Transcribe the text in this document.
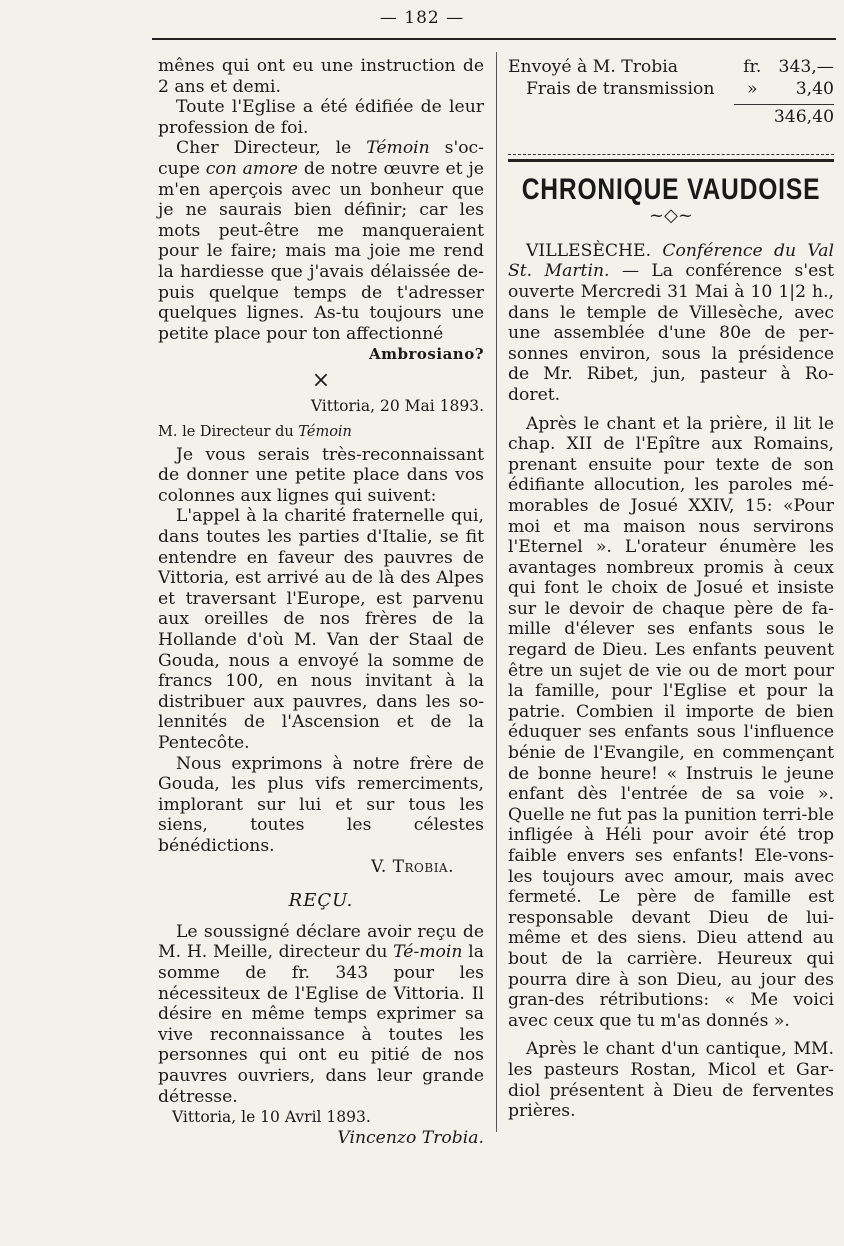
— 182 —

mênes qui ont eu une instruction de 2 ans et demi.

Toute l'Eglise a été édifiée de leur profession de foi.

Cher Directeur, le Témoin s'oc-cupe con amore de notre œuvre et je m'en aperçois avec un bonheur que je ne saurais bien définir; car les mots peut-être me manqueraient pour le faire; mais ma joie me rend la hardiesse que j'avais délaissée de-puis quelque temps de t'adresser quelques lignes. As-tu toujours une petite place pour ton affectionné

Ambrosiano?
×
Vittoria, 20 Mai 1893.
M. le Directeur du Témoin

Je vous serais très-reconnaissant de donner une petite place dans vos colonnes aux lignes qui suivent:

L'appel à la charité fraternelle qui, dans toutes les parties d'Italie, se fit entendre en faveur des pauvres de Vittoria, est arrivé au de là des Alpes et traversant l'Europe, est parvenu aux oreilles de nos frères de la Hollande d'où M. Van der Staal de Gouda, nous a envoyé la somme de francs 100, en nous invitant à la distribuer aux pauvres, dans les so-lennités de l'Ascension et de la Pentecôte.

Nous exprimons à notre frère de Gouda, les plus vifs remerciments, implorant sur lui et sur tous les siens, toutes les célestes bénédictions.

V. Trobia.
REÇU.

Le soussigné déclare avoir reçu de M. H. Meille, directeur du Té-moin la somme de fr. 343 pour les nécessiteux de l'Eglise de Vittoria. Il désire en même temps exprimer sa vive reconnaissance à toutes les personnes qui ont eu pitié de nos pauvres ouvriers, dans leur grande détresse.

Vittoria, le 10 Avril 1893.
Vincenzo Trobia.
Envoyé à M. Trobia	fr.	343,—
Frais de transmission	»	3,40
346,40
CHRONIQUE VAUDOISE
~◇~

VILLESÈCHE. Conférence du Val St. Martin. — La conférence s'est ouverte Mercredi 31 Mai à 10 1|2 h., dans le temple de Villesèche, avec une assemblée d'une 80e de per-sonnes environ, sous la présidence de Mr. Ribet, jun, pasteur à Ro-doret.

Après le chant et la prière, il lit le chap. XII de l'Epître aux Romains, prenant ensuite pour texte de son édifiante allocution, les paroles mé-morables de Josué XXIV, 15: «Pour moi et ma maison nous servirons l'Eternel ». L'orateur énumère les avantages nombreux promis à ceux qui font le choix de Josué et insiste sur le devoir de chaque père de fa-mille d'élever ses enfants sous le regard de Dieu. Les enfants peuvent être un sujet de vie ou de mort pour la famille, pour l'Eglise et pour la patrie. Combien il importe de bien éduquer ses enfants sous l'influence bénie de l'Evangile, en commençant de bonne heure! « Instruis le jeune enfant dès l'entrée de sa voie ». Quelle ne fut pas la punition terri-ble infligée à Héli pour avoir été trop faible envers ses enfants! Ele-vons-les toujours avec amour, mais avec fermeté. Le père de famille est responsable devant Dieu de lui-même et des siens. Dieu attend au bout de la carrière. Heureux qui pourra dire à son Dieu, au jour des gran-des rétributions: « Me voici avec ceux que tu m'as donnés ».

Après le chant d'un cantique, MM. les pasteurs Rostan, Micol et Gar-diol présentent à Dieu de ferventes prières.
